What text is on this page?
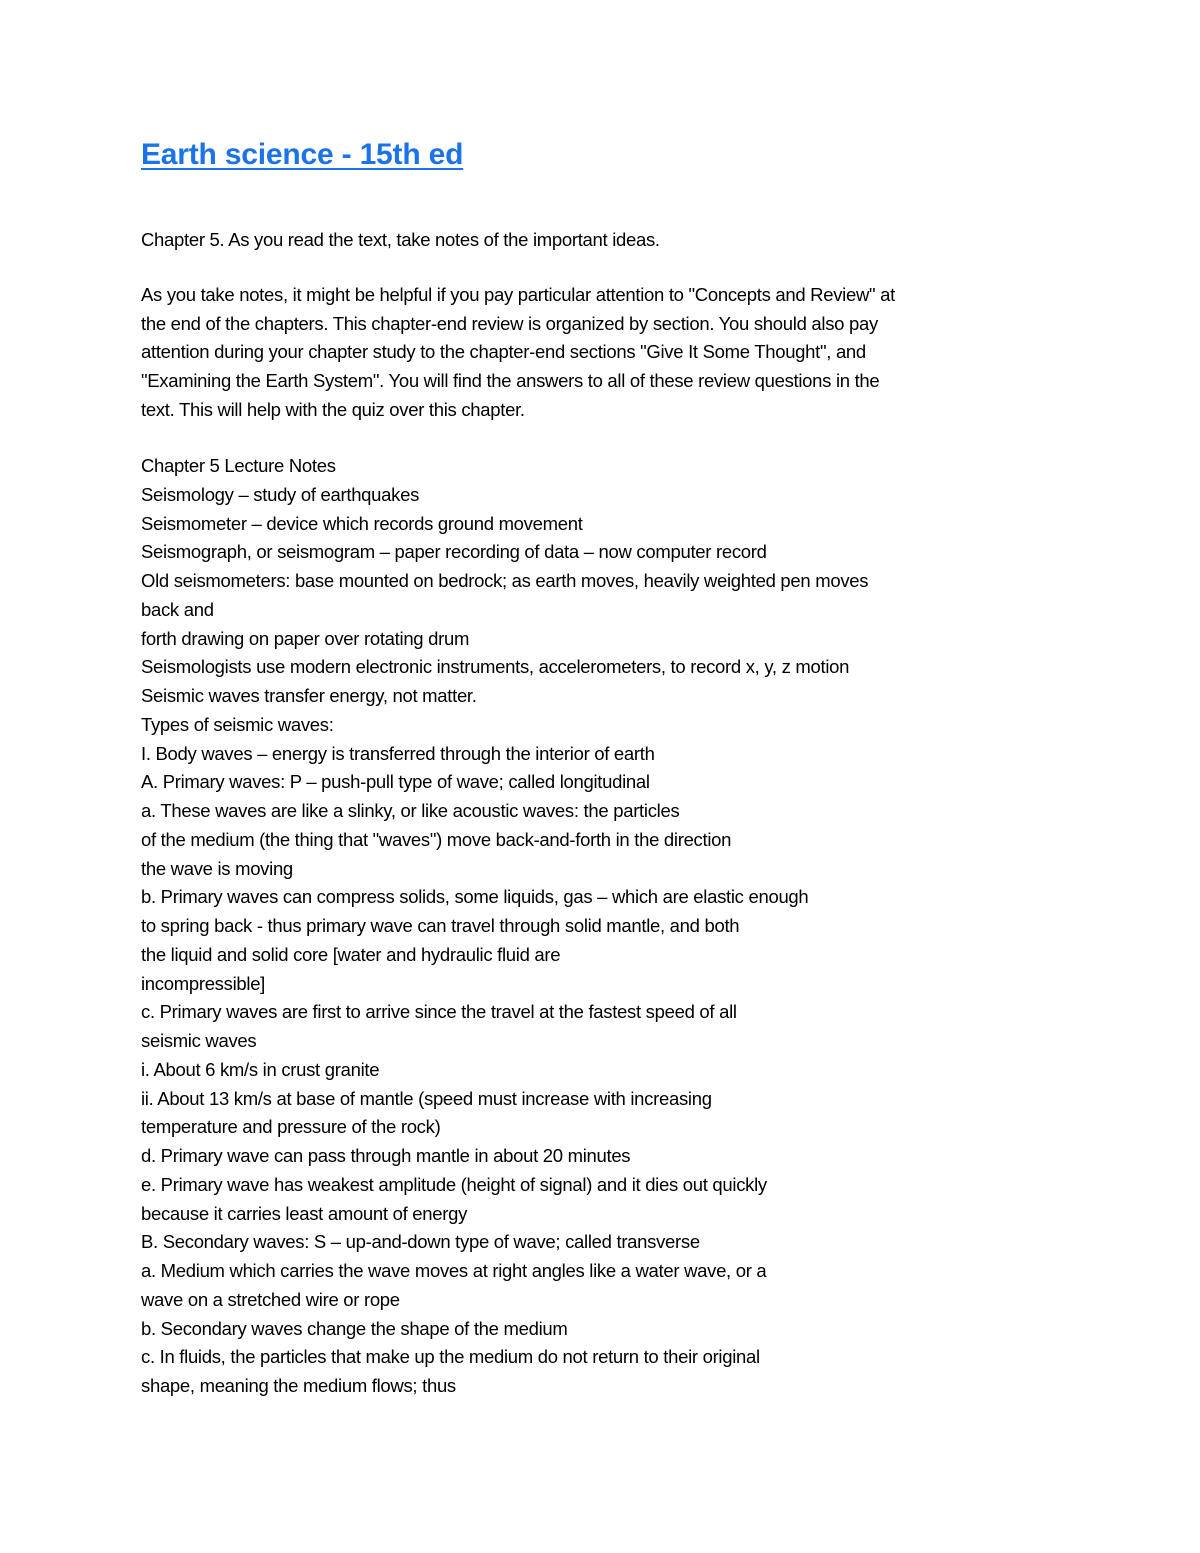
Earth science - 15th ed
Chapter 5. As you read the text, take notes of the important ideas.
As you take notes, it might be helpful if you pay particular attention to "Concepts and Review" at
the end of the chapters. This chapter-end review is organized by section. You should also pay
attention during your chapter study to the chapter-end sections "Give It Some Thought", and
"Examining the Earth System". You will find the answers to all of these review questions in the
text. This will help with the quiz over this chapter.
Chapter 5 Lecture Notes
Seismology – study of earthquakes
Seismometer – device which records ground movement
Seismograph, or seismogram – paper recording of data – now computer record
Old seismometers: base mounted on bedrock; as earth moves, heavily weighted pen moves
back and
forth drawing on paper over rotating drum
Seismologists use modern electronic instruments, accelerometers, to record x, y, z motion
Seismic waves transfer energy, not matter.
Types of seismic waves:
I. Body waves – energy is transferred through the interior of earth
A. Primary waves: P – push-pull type of wave; called longitudinal
a. These waves are like a slinky, or like acoustic waves: the particles
of the medium (the thing that "waves") move back-and-forth in the direction
the wave is moving
b. Primary waves can compress solids, some liquids, gas – which are elastic enough
to spring back - thus primary wave can travel through solid mantle, and both
the liquid and solid core [water and hydraulic fluid are
incompressible]
c. Primary waves are first to arrive since the travel at the fastest speed of all
seismic waves
i. About 6 km/s in crust granite
ii. About 13 km/s at base of mantle (speed must increase with increasing
temperature and pressure of the rock)
d. Primary wave can pass through mantle in about 20 minutes
e. Primary wave has weakest amplitude (height of signal) and it dies out quickly
because it carries least amount of energy
B. Secondary waves: S – up-and-down type of wave; called transverse
a. Medium which carries the wave moves at right angles like a water wave, or a
wave on a stretched wire or rope
b. Secondary waves change the shape of the medium
c. In fluids, the particles that make up the medium do not return to their original
shape, meaning the medium flows; thus
